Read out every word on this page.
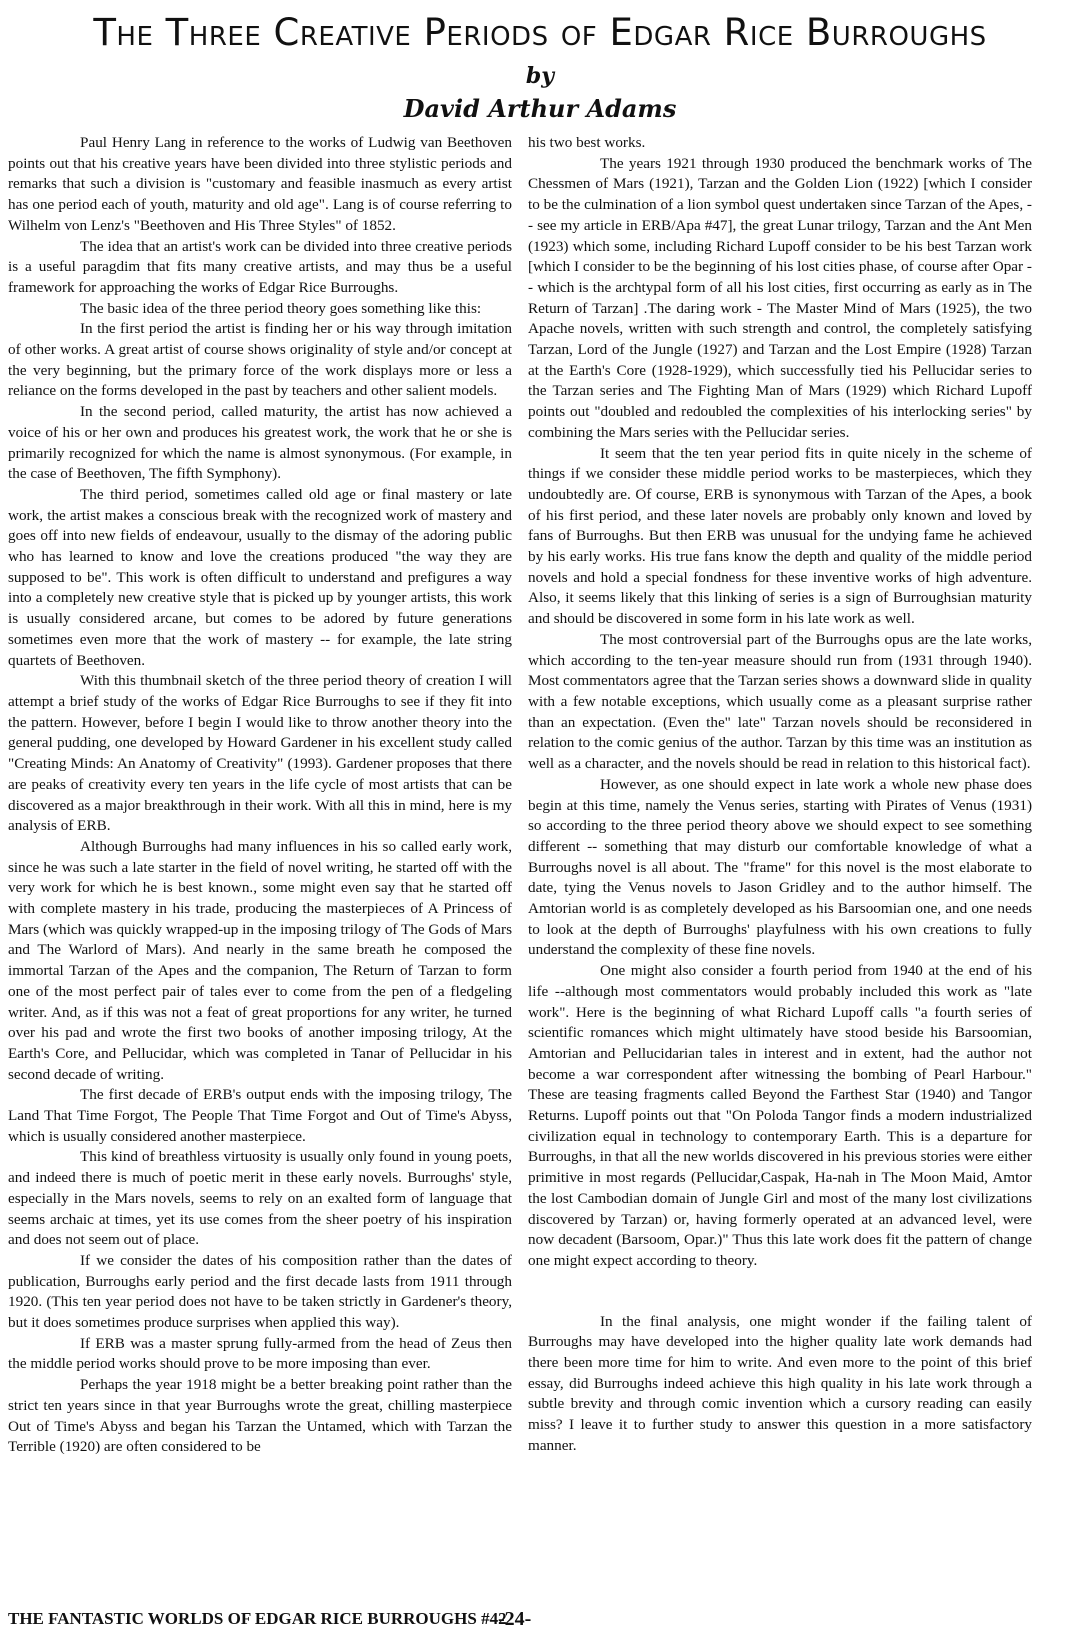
The Three Creative Periods of Edgar Rice Burroughs
by
David Arthur Adams

Paul Henry Lang in reference to the works of Ludwig van Beethoven points out that his creative years have been divided into three stylistic periods and remarks that such a division is "customary and feasible inasmuch as every artist has one period each of youth, maturity and old age". Lang is of course referring to Wilhelm von Lenz's "Beethoven and His Three Styles" of 1852.

The idea that an artist's work can be divided into three creative periods is a useful paragdim that fits many creative artists, and may thus be a useful framework for approaching the works of Edgar Rice Burroughs.

The basic idea of the three period theory goes something like this:

In the first period the artist is finding her or his way through imitation of other works. A great artist of course shows originality of style and/or concept at the very beginning, but the primary force of the work displays more or less a reliance on the forms developed in the past by teachers and other salient models.

In the second period, called maturity, the artist has now achieved a voice of his or her own and produces his greatest work, the work that he or she is primarily recognized for which the name is almost synonymous. (For example, in the case of Beethoven, The fifth Symphony).

The third period, sometimes called old age or final mastery or late work, the artist makes a conscious break with the recognized work of mastery and goes off into new fields of endeavour, usually to the dismay of the adoring public who has learned to know and love the creations produced "the way they are supposed to be". This work is often difficult to understand and prefigures a way into a completely new creative style that is picked up by younger artists, this work is usually considered arcane, but comes to be adored by future generations sometimes even more that the work of mastery -- for example, the late string quartets of Beethoven.

With this thumbnail sketch of the three period theory of creation I will attempt a brief study of the works of Edgar Rice Burroughs to see if they fit into the pattern. However, before I begin I would like to throw another theory into the general pudding, one developed by Howard Gardener in his excellent study called "Creating Minds: An Anatomy of Creativity" (1993). Gardener proposes that there are peaks of creativity every ten years in the life cycle of most artists that can be discovered as a major breakthrough in their work. With all this in mind, here is my analysis of ERB.

Although Burroughs had many influences in his so called early work, since he was such a late starter in the field of novel writing, he started off with the very work for which he is best known., some might even say that he started off with complete mastery in his trade, producing the masterpieces of A Princess of Mars (which was quickly wrapped-up in the imposing trilogy of The Gods of Mars and The Warlord of Mars). And nearly in the same breath he composed the immortal Tarzan of the Apes and the companion, The Return of Tarzan to form one of the most perfect pair of tales ever to come from the pen of a fledgeling writer. And, as if this was not a feat of great proportions for any writer, he turned over his pad and wrote the first two books of another imposing trilogy, At the Earth's Core, and Pellucidar, which was completed in Tanar of Pellucidar in his second decade of writing.

The first decade of ERB's output ends with the imposing trilogy, The Land That Time Forgot, The People That Time Forgot and Out of Time's Abyss, which is usually considered another masterpiece.

This kind of breathless virtuosity is usually only found in young poets, and indeed there is much of poetic merit in these early novels. Burroughs' style, especially in the Mars novels, seems to rely on an exalted form of language that seems archaic at times, yet its use comes from the sheer poetry of his inspiration and does not seem out of place.

If we consider the dates of his composition rather than the dates of publication, Burroughs early period and the first decade lasts from 1911 through 1920. (This ten year period does not have to be taken strictly in Gardener's theory, but it does sometimes produce surprises when applied this way).

If ERB was a master sprung fully-armed from the head of Zeus then the middle period works should prove to be more imposing than ever.

Perhaps the year 1918 might be a better breaking point rather than the strict ten years since in that year Burroughs wrote the great, chilling masterpiece Out of Time's Abyss and began his Tarzan the Untamed, which with Tarzan the Terrible (1920) are often considered to be

his two best works.

The years 1921 through 1930 produced the benchmark works of The Chessmen of Mars (1921), Tarzan and the Golden Lion (1922) [which I consider to be the culmination of a lion symbol quest undertaken since Tarzan of the Apes, -- see my article in ERB/Apa #47], the great Lunar trilogy, Tarzan and the Ant Men (1923) which some, including Richard Lupoff consider to be his best Tarzan work [which I consider to be the beginning of his lost cities phase, of course after Opar -- which is the archtypal form of all his lost cities, first occurring as early as in The Return of Tarzan] .The daring work - The Master Mind of Mars (1925), the two Apache novels, written with such strength and control, the completely satisfying Tarzan, Lord of the Jungle (1927) and Tarzan and the Lost Empire (1928) Tarzan at the Earth's Core (1928-1929), which successfully tied his Pellucidar series to the Tarzan series and The Fighting Man of Mars (1929) which Richard Lupoff points out "doubled and redoubled the complexities of his interlocking series" by combining the Mars series with the Pellucidar series.

It seem that the ten year period fits in quite nicely in the scheme of things if we consider these middle period works to be masterpieces, which they undoubtedly are. Of course, ERB is synonymous with Tarzan of the Apes, a book of his first period, and these later novels are probably only known and loved by fans of Burroughs. But then ERB was unusual for the undying fame he achieved by his early works. His true fans know the depth and quality of the middle period novels and hold a special fondness for these inventive works of high adventure. Also, it seems likely that this linking of series is a sign of Burroughsian maturity and should be discovered in some form in his late work as well.

The most controversial part of the Burroughs opus are the late works, which according to the ten-year measure should run from (1931 through 1940). Most commentators agree that the Tarzan series shows a downward slide in quality with a few notable exceptions, which usually come as a pleasant surprise rather than an expectation. (Even the" late" Tarzan novels should be reconsidered in relation to the comic genius of the author. Tarzan by this time was an institution as well as a character, and the novels should be read in relation to this historical fact).

However, as one should expect in late work a whole new phase does begin at this time, namely the Venus series, starting with Pirates of Venus (1931) so according to the three period theory above we should expect to see something different -- something that may disturb our comfortable knowledge of what a Burroughs novel is all about. The "frame" for this novel is the most elaborate to date, tying the Venus novels to Jason Gridley and to the author himself. The Amtorian world is as completely developed as his Barsoomian one, and one needs to look at the depth of Burroughs' playfulness with his own creations to fully understand the complexity of these fine novels.

One might also consider a fourth period from 1940 at the end of his life --although most commentators would probably included this work as "late work". Here is the beginning of what Richard Lupoff calls "a fourth series of scientific romances which might ultimately have stood beside his Barsoomian, Amtorian and Pellucidarian tales in interest and in extent, had the author not become a war correspondent after witnessing the bombing of Pearl Harbour." These are teasing fragments called Beyond the Farthest Star (1940) and Tangor Returns. Lupoff points out that "On Poloda Tangor finds a modern industrialized civilization equal in technology to contemporary Earth. This is a departure for Burroughs, in that all the new worlds discovered in his previous stories were either primitive in most regards (Pellucidar,Caspak, Ha-nah in The Moon Maid, Amtor the lost Cambodian domain of Jungle Girl and most of the many lost civilizations discovered by Tarzan) or, having formerly operated at an advanced level, were now decadent (Barsoom, Opar.)" Thus this late work does fit the pattern of change one might expect according to theory.

In the final analysis, one might wonder if the failing talent of Burroughs may have developed into the higher quality late work demands had there been more time for him to write. And even more to the point of this brief essay, did Burroughs indeed achieve this high quality in his late work through a subtle brevity and through comic invention which a cursory reading can easily miss? I leave it to further study to answer this question in a more satisfactory manner.

THE FANTASTIC WORLDS OF EDGAR RICE BURROUGHS #42
-24-
